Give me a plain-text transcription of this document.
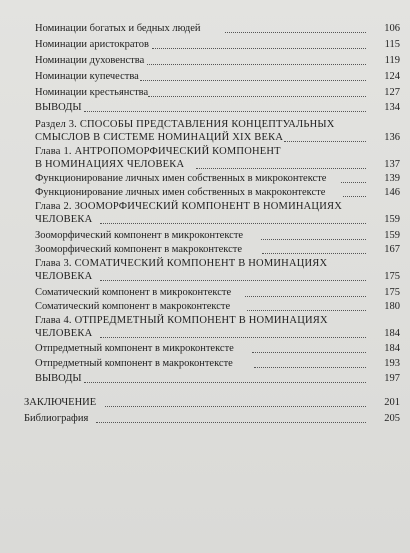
Номинации богатых и бедных людей	106
Номинации аристократов	115
Номинации духовенства	119
Номинации купечества	124
Номинации крестьянства	127
ВЫВОДЫ	134
Раздел 3. СПОСОБЫ ПРЕДСТАВЛЕНИЯ КОНЦЕПТУАЛЬНЫХ
СМЫСЛОВ В СИСТЕМЕ НОМИНАЦИЙ XIX ВЕКА	136
Глава 1. АНТРОПОМОРФИЧЕСКИЙ КОМПОНЕНТ
В НОМИНАЦИЯХ ЧЕЛОВЕКА	137
Функционирование личных имен собственных в микроконтексте	139
Функционирование личных имен собственных в макроконтексте	146
Глава 2. ЗООМОРФИЧЕСКИЙ КОМПОНЕНТ В НОМИНАЦИЯХ
ЧЕЛОВЕКА	159
Зооморфический компонент в микроконтексте	159
Зооморфический компонент в макроконтексте	167
Глава 3. СОМАТИЧЕСКИЙ КОМПОНЕНТ В НОМИНАЦИЯХ
ЧЕЛОВЕКА	175
Соматический компонент в микроконтексте	175
Соматический компонент в макроконтексте	180
Глава 4. ОТПРЕДМЕТНЫЙ КОМПОНЕНТ В НОМИНАЦИЯХ
ЧЕЛОВЕКА	184
Отпредметный компонент в микроконтексте	184
Отпредметный компонент в макроконтексте	193
ВЫВОДЫ	197
ЗАКЛЮЧЕНИЕ	201
Библиография	205
